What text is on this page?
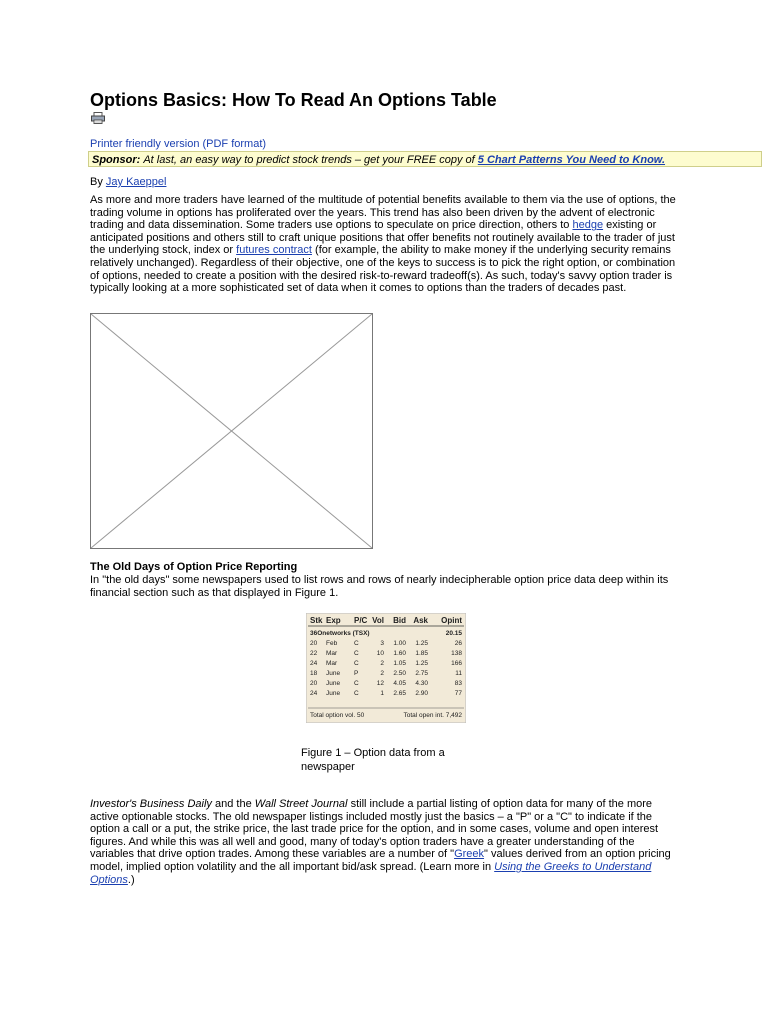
Options Basics: How To Read An Options Table
Printer friendly version (PDF format)
Sponsor: At last, an easy way to predict stock trends – get your FREE copy of 5 Chart Patterns You Need to Know.
By Jay Kaeppel
As more and more traders have learned of the multitude of potential benefits available to them via the use of options, the trading volume in options has proliferated over the years. This trend has also been driven by the advent of electronic trading and data dissemination. Some traders use options to speculate on price direction, others to hedge existing or anticipated positions and others still to craft unique positions that offer benefits not routinely available to the trader of just the underlying stock, index or futures contract (for example, the ability to make money if the underlying security remains relatively unchanged). Regardless of their objective, one of the keys to success is to pick the right option, or combination of options, needed to create a position with the desired risk-to-reward tradeoff(s). As such, today's savvy option trader is typically looking at a more sophisticated set of data when it comes to options than the traders of decades past.
The Old Days of Option Price Reporting
In "the old days" some newspapers used to list rows and rows of nearly indecipherable option price data deep within its financial section such as that displayed in Figure 1.
Stk Exp P/C Vol Bid Ask Opint
36Onetworks (TSX)	20.15
20 Feb	C	3 1.00 1.25	26
22 Mar	C	10 1.60 1.85	138
24 Mar	C	2 1.05 1.25	166
18 June P	2 2.50 2.75	11
20 June C	12 4.05 4.30	83
24 June C	1 2.65 2.90	77
Total option vol. 50	Total open int. 7,492
Figure 1 – Option data from a newspaper
Investor's Business Daily and the Wall Street Journal still include a partial listing of option data for many of the more active optionable stocks. The old newspaper listings included mostly just the basics – a "P" or a "C" to indicate if the option a call or a put, the strike price, the last trade price for the option, and in some cases, volume and open interest figures. And while this was all well and good, many of today's option traders have a greater understanding of the variables that drive option trades. Among these variables are a number of "Greek" values derived from an option pricing model, implied option volatility and the all important bid/ask spread. (Learn more in Using the Greeks to Understand Options.)
